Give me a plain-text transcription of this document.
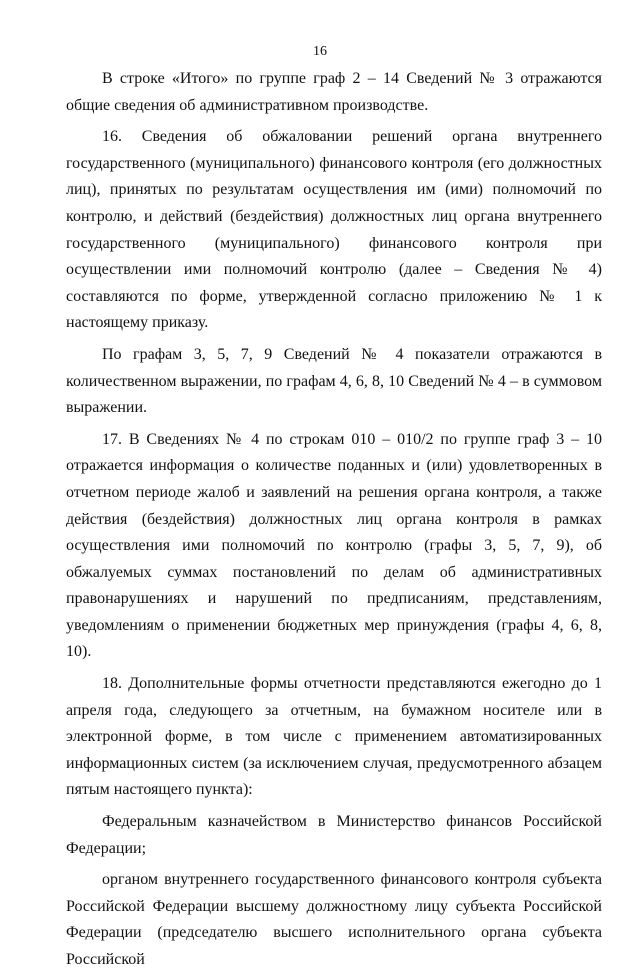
16

В строке «Итого» по группе граф 2 – 14 Сведений № 3 отражаются общие сведения об административном производстве.

16. Сведения об обжаловании решений органа внутреннего государственного (муниципального) финансового контроля (его должностных лиц), принятых по результатам осуществления им (ими) полномочий по контролю, и действий (бездействия) должностных лиц органа внутреннего государственного (муниципального) финансового контроля при осуществлении ими полномочий контролю (далее – Сведения № 4) составляются по форме, утвержденной согласно приложению № 1 к настоящему приказу.

По графам 3, 5, 7, 9 Сведений № 4 показатели отражаются в количественном выражении, по графам 4, 6, 8, 10 Сведений № 4 – в суммовом выражении.

17. В Сведениях № 4 по строкам 010 – 010/2 по группе граф 3 – 10 отражается информация о количестве поданных и (или) удовлетворенных в отчетном периоде жалоб и заявлений на решения органа контроля, а также действия (бездействия) должностных лиц органа контроля в рамках осуществления ими полномочий по контролю (графы 3, 5, 7, 9), об обжалуемых суммах постановлений по делам об административных правонарушениях и нарушений по предписаниям, представлениям, уведомлениям о применении бюджетных мер принуждения (графы 4, 6, 8, 10).

18. Дополнительные формы отчетности представляются ежегодно до 1 апреля года, следующего за отчетным, на бумажном носителе или в электронной форме, в том числе с применением автоматизированных информационных систем (за исключением случая, предусмотренного абзацем пятым настоящего пункта):

Федеральным казначейством в Министерство финансов Российской Федерации;

органом внутреннего государственного финансового контроля субъекта Российской Федерации высшему должностному лицу субъекта Российской Федерации (председателю высшего исполнительного органа субъекта Российской
